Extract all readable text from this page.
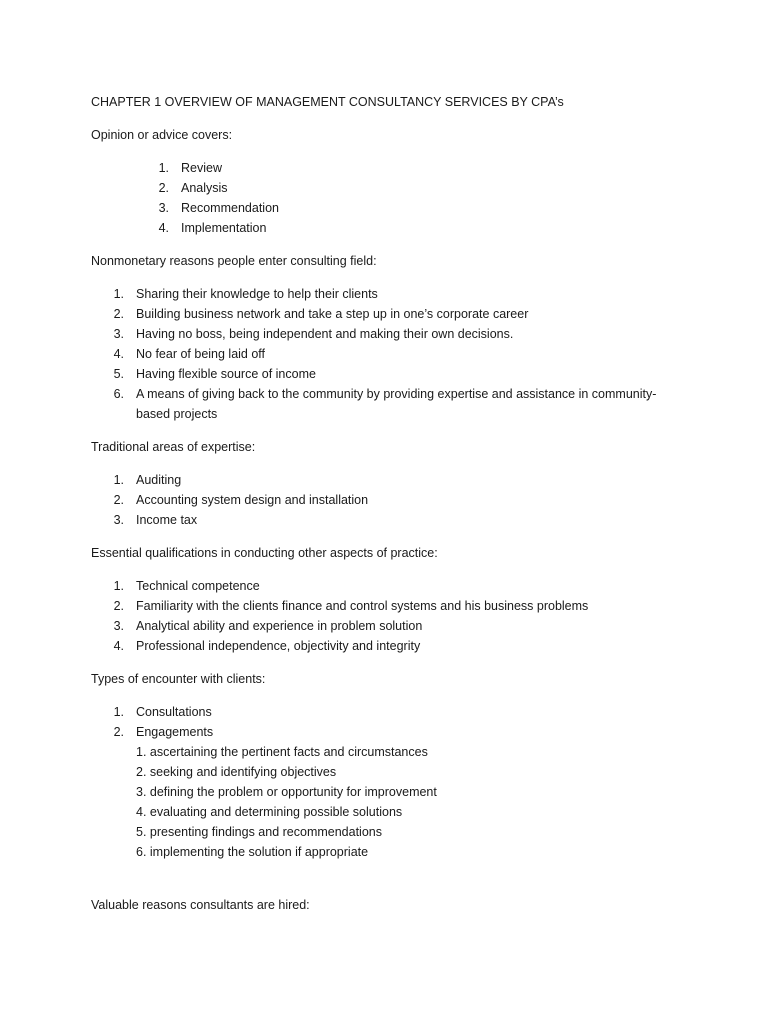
CHAPTER 1 OVERVIEW OF MANAGEMENT CONSULTANCY SERVICES BY CPA’s
Opinion or advice covers:
1. Review
2. Analysis
3. Recommendation
4. Implementation
Nonmonetary reasons people enter consulting field:
1. Sharing their knowledge to help their clients
2. Building business network and take a step up in one’s corporate career
3. Having no boss, being independent and making their own decisions.
4. No fear of being laid off
5. Having flexible source of income
6. A means of giving back to the community by providing expertise and assistance in community-
based projects
Traditional areas of expertise:
1. Auditing
2. Accounting system design and installation
3. Income tax
Essential qualifications in conducting other aspects of practice:
1. Technical competence
2. Familiarity with the clients finance and control systems and his business problems
3. Analytical ability and experience in problem solution
4. Professional independence, objectivity and integrity
Types of encounter with clients:
1. Consultations
2. Engagements
1. ascertaining the pertinent facts and circumstances
2. seeking and identifying objectives
3. defining the problem or opportunity for improvement
4. evaluating and determining possible solutions
5. presenting findings and recommendations
6. implementing the solution if appropriate
Valuable reasons consultants are hired:
